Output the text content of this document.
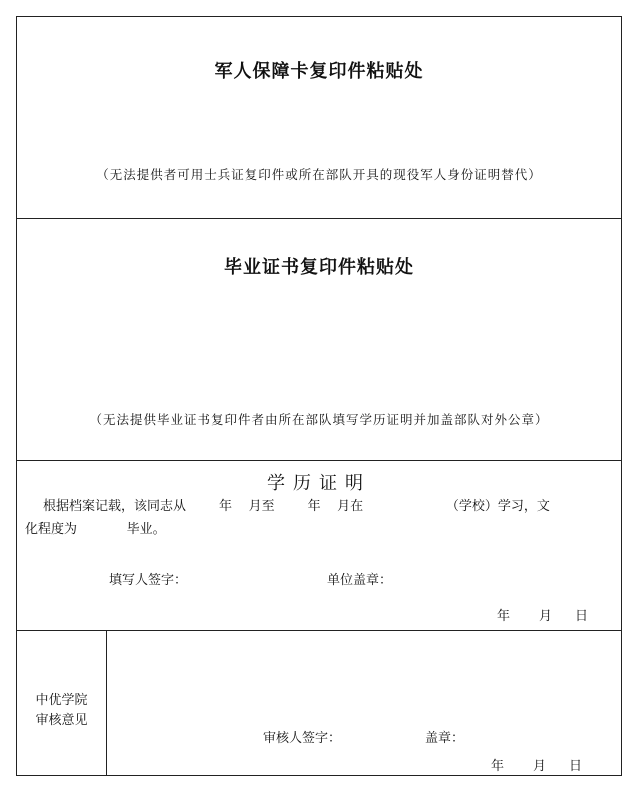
军人保障卡复印件粘贴处
（无法提供者可用士兵证复印件或所在部队开具的现役军人身份证明替代）
毕业证书复印件粘贴处
（无法提供毕业证书复印件者由所在部队填写学历证明并加盖部队对外公章）
学历证明
根据档案记载，该同志从        年    月至        年    月在                    （学校）学习，文
化程度为            毕业。
填写人签字：	单位盖章：
年 月 日
中优学院
审核意见
审核人签字：	盖章：
年 月 日
